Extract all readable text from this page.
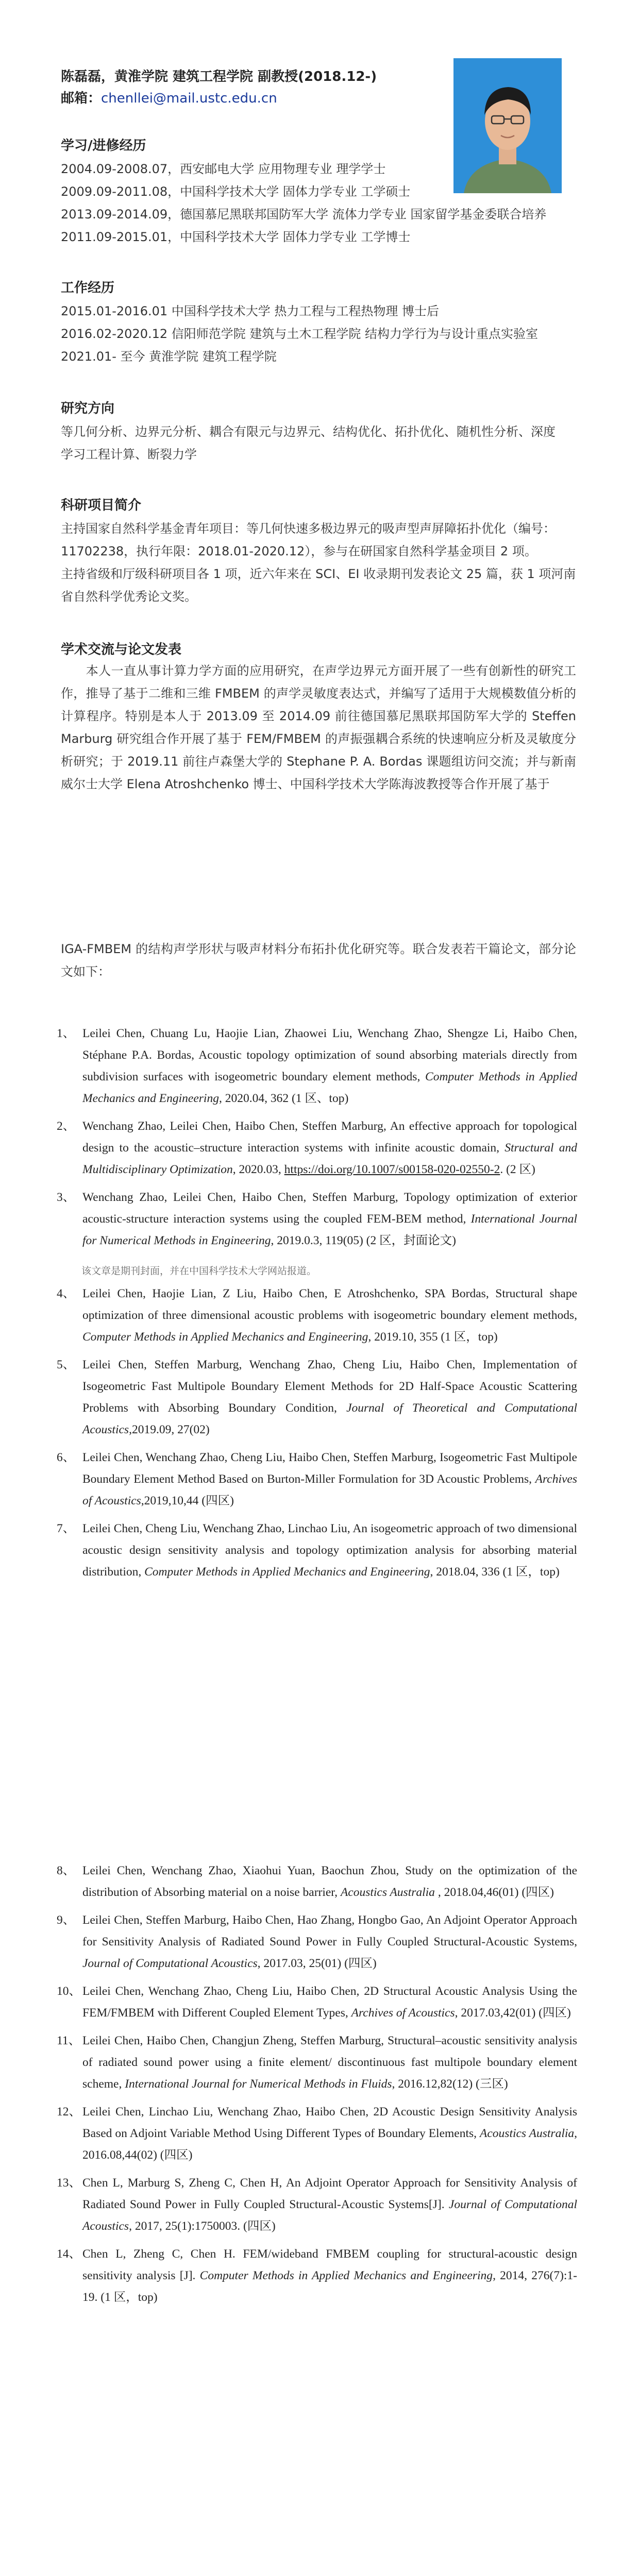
陈磊磊，黄淮学院 建筑工程学院 副教授(2018.12-)
邮箱：chenllei@mail.ustc.edu.cn
学习/进修经历
2004.09-2008.07，西安邮电大学 应用物理专业 理学学士
2009.09-2011.08，中国科学技术大学 固体力学专业 工学硕士
2013.09-2014.09，德国慕尼黑联邦国防军大学 流体力学专业 国家留学基金委联合培养
2011.09-2015.01，中国科学技术大学 固体力学专业 工学博士
工作经历
2015.01-2016.01 中国科学技术大学 热力工程与工程热物理 博士后
2016.02-2020.12 信阳师范学院 建筑与土木工程学院 结构力学行为与设计重点实验室
2021.01- 至今 黄淮学院 建筑工程学院
研究方向
等几何分析、边界元分析、耦合有限元与边界元、结构优化、拓扑优化、随机性分析、深度
学习工程计算、断裂力学
科研项目简介
主持国家自然科学基金青年项目：等几何快速多极边界元的吸声型声屏障拓扑优化（编号：
11702238，执行年限：2018.01-2020.12），参与在研国家自然科学基金项目 2 项。
主持省级和厅级科研项目各 1 项，近六年来在 SCI、EI 收录期刊发表论文 25 篇，获 1 项河南
省自然科学优秀论文奖。
学术交流与论文发表
　　本人一直从事计算力学方面的应用研究，在声学边界元方面开展了一些有创新性的研究工作，推导了基于二维和三维 FMBEM 的声学灵敏度表达式，并编写了适用于大规模数值分析的计算程序。特别是本人于 2013.09 至 2014.09 前往德国慕尼黑联邦国防军大学的 Steffen Marburg 研究组合作开展了基于 FEM/FMBEM 的声振强耦合系统的快速响应分析及灵敏度分析研究；于 2019.11 前往卢森堡大学的 Stephane P. A. Bordas 课题组访问交流；并与新南威尔士大学 Elena Atroshchenko 博士、中国科学技术大学陈海波教授等合作开展了基于
IGA-FMBEM 的结构声学形状与吸声材料分布拓扑优化研究等。联合发表若干篇论文，部分论文如下：
1、 Leilei Chen, Chuang Lu, Haojie Lian, Zhaowei Liu, Wenchang Zhao, Shengze Li, Haibo Chen, Stéphane P.A. Bordas, Acoustic topology optimization of sound absorbing materials directly from subdivision surfaces with isogeometric boundary element methods, Computer Methods in Applied Mechanics and Engineering, 2020.04, 362 (1 区、top)
2、 Wenchang Zhao, Leilei Chen, Haibo Chen, Steffen Marburg, An effective approach for topological design to the acoustic–structure interaction systems with infinite acoustic domain, Structural and Multidisciplinary Optimization, 2020.03, https://doi.org/10.1007/s00158-020-02550-2. (2 区)
3、 Wenchang Zhao, Leilei Chen, Haibo Chen, Steffen Marburg, Topology optimization of exterior acoustic-structure interaction systems using the coupled FEM-BEM method, International Journal for Numerical Methods in Engineering, 2019.0.3, 119(05) (2 区，封面论文)
该文章是期刊封面，并在中国科学技术大学网站报道。
4、 Leilei Chen, Haojie Lian, Z Liu, Haibo Chen, E Atroshchenko, SPA Bordas, Structural shape optimization of three dimensional acoustic problems with isogeometric boundary element methods, Computer Methods in Applied Mechanics and Engineering, 2019.10, 355 (1 区，top)
5、 Leilei Chen, Steffen Marburg, Wenchang Zhao, Cheng Liu, Haibo Chen, Implementation of Isogeometric Fast Multipole Boundary Element Methods for 2D Half-Space Acoustic Scattering Problems with Absorbing Boundary Condition, Journal of Theoretical and Computational Acoustics,2019.09, 27(02)
6、 Leilei Chen, Wenchang Zhao, Cheng Liu, Haibo Chen, Steffen Marburg, Isogeometric Fast Multipole Boundary Element Method Based on Burton-Miller Formulation for 3D Acoustic Problems, Archives of Acoustics,2019,10,44 (四区)
7、 Leilei Chen, Cheng Liu, Wenchang Zhao, Linchao Liu, An isogeometric approach of two dimensional acoustic design sensitivity analysis and topology optimization analysis for absorbing material distribution, Computer Methods in Applied Mechanics and Engineering, 2018.04, 336 (1 区，top)
8、 Leilei Chen, Wenchang Zhao, Xiaohui Yuan, Baochun Zhou, Study on the optimization of the distribution of Absorbing material on a noise barrier, Acoustics Australia , 2018.04,46(01) (四区)
9、 Leilei Chen, Steffen Marburg, Haibo Chen, Hao Zhang, Hongbo Gao, An Adjoint Operator Approach for Sensitivity Analysis of Radiated Sound Power in Fully Coupled Structural-Acoustic Systems, Journal of Computational Acoustics, 2017.03, 25(01) (四区)
10、 Leilei Chen, Wenchang Zhao, Cheng Liu, Haibo Chen, 2D Structural Acoustic Analysis Using the FEM/FMBEM with Different Coupled Element Types, Archives of Acoustics, 2017.03,42(01) (四区)
11、 Leilei Chen, Haibo Chen, Changjun Zheng, Steffen Marburg, Structural–acoustic sensitivity analysis of radiated sound power using a finite element/ discontinuous fast multipole boundary element scheme, International Journal for Numerical Methods in Fluids, 2016.12,82(12) (三区)
12、 Leilei Chen, Linchao Liu, Wenchang Zhao, Haibo Chen, 2D Acoustic Design Sensitivity Analysis Based on Adjoint Variable Method Using Different Types of Boundary Elements, Acoustics Australia, 2016.08,44(02) (四区)
13、 Chen L, Marburg S, Zheng C, Chen H, An Adjoint Operator Approach for Sensitivity Analysis of Radiated Sound Power in Fully Coupled Structural-Acoustic Systems[J]. Journal of Computational Acoustics, 2017, 25(1):1750003. (四区)
14、 Chen L, Zheng C, Chen H. FEM/wideband FMBEM coupling for structural-acoustic design sensitivity analysis [J]. Computer Methods in Applied Mechanics and Engineering, 2014, 276(7):1-19. (1 区，top)
